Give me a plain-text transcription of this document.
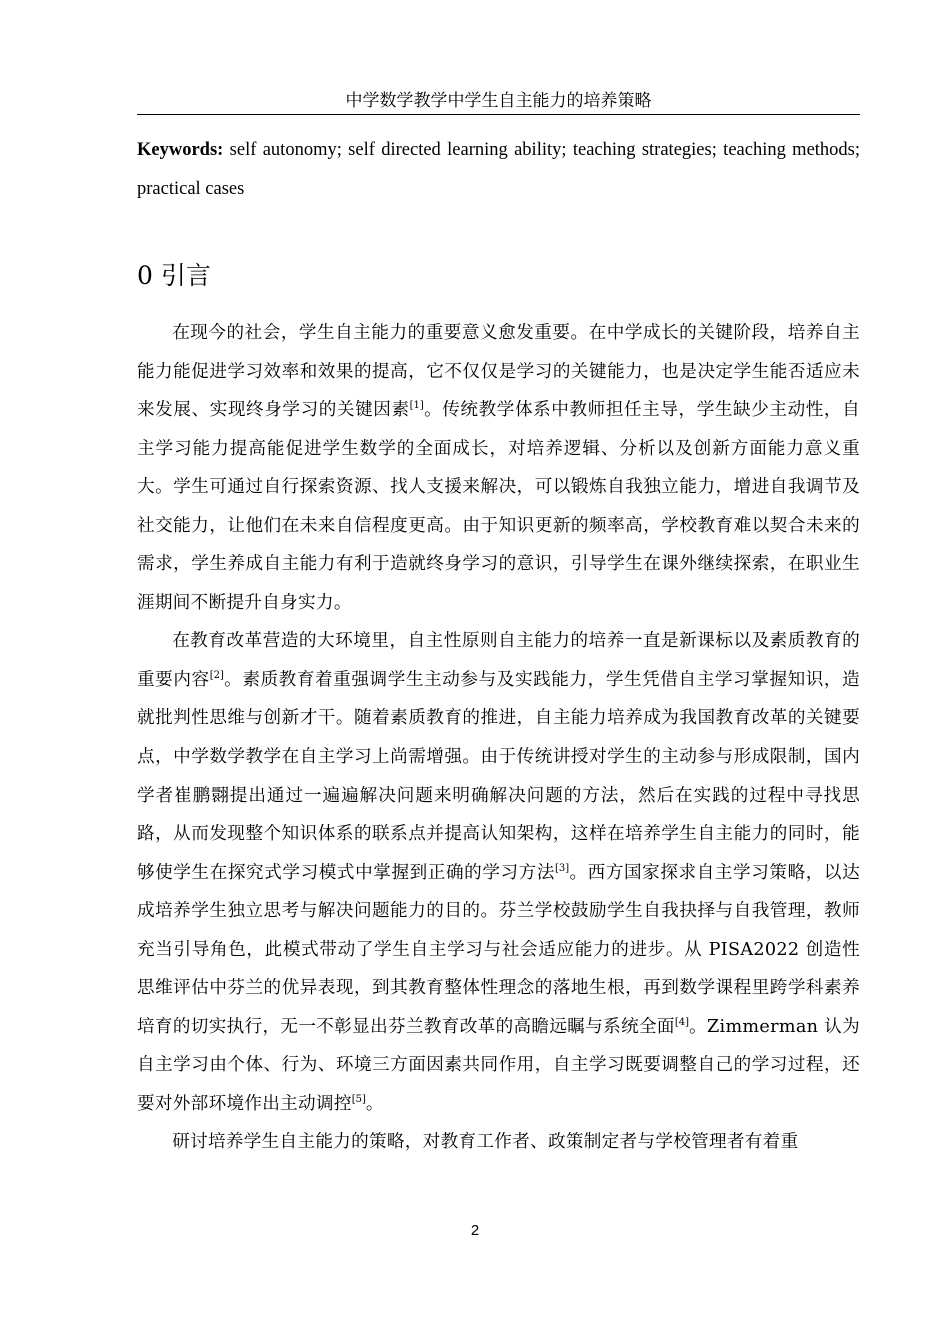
中学数学教学中学生自主能力的培养策略

Keywords: self autonomy; self directed learning ability; teaching strategies; teaching methods; practical cases

0 引言

在现今的社会，学生自主能力的重要意义愈发重要。在中学成长的关键阶段，培养自主能力能促进学习效率和效果的提高，它不仅仅是学习的关键能力，也是决定学生能否适应未来发展、实现终身学习的关键因素[1]。传统教学体系中教师担任主导，学生缺少主动性，自主学习能力提高能促进学生数学的全面成长，对培养逻辑、分析以及创新方面能力意义重大。学生可通过自行探索资源、找人支援来解决，可以锻炼自我独立能力，增进自我调节及社交能力，让他们在未来自信程度更高。由于知识更新的频率高，学校教育难以契合未来的需求，学生养成自主能力有利于造就终身学习的意识，引导学生在课外继续探索，在职业生涯期间不断提升自身实力。

在教育改革营造的大环境里，自主性原则自主能力的培养一直是新课标以及素质教育的重要内容[2]。素质教育着重强调学生主动参与及实践能力，学生凭借自主学习掌握知识，造就批判性思维与创新才干。随着素质教育的推进，自主能力培养成为我国教育改革的关键要点，中学数学教学在自主学习上尚需增强。由于传统讲授对学生的主动参与形成限制，国内学者崔鹏翾提出通过一遍遍解决问题来明确解决问题的方法，然后在实践的过程中寻找思路，从而发现整个知识体系的联系点并提高认知架构，这样在培养学生自主能力的同时，能够使学生在探究式学习模式中掌握到正确的学习方法[3]。西方国家探求自主学习策略，以达成培养学生独立思考与解决问题能力的目的。芬兰学校鼓励学生自我抉择与自我管理，教师充当引导角色，此模式带动了学生自主学习与社会适应能力的进步。从 PISA2022 创造性思维评估中芬兰的优异表现，到其教育整体性理念的落地生根，再到数学课程里跨学科素养培育的切实执行，无一不彰显出芬兰教育改革的高瞻远瞩与系统全面[4]。Zimmerman 认为自主学习由个体、行为、环境三方面因素共同作用，自主学习既要调整自己的学习过程，还要对外部环境作出主动调控[5]。

研讨培养学生自主能力的策略，对教育工作者、政策制定者与学校管理者有着重

2
